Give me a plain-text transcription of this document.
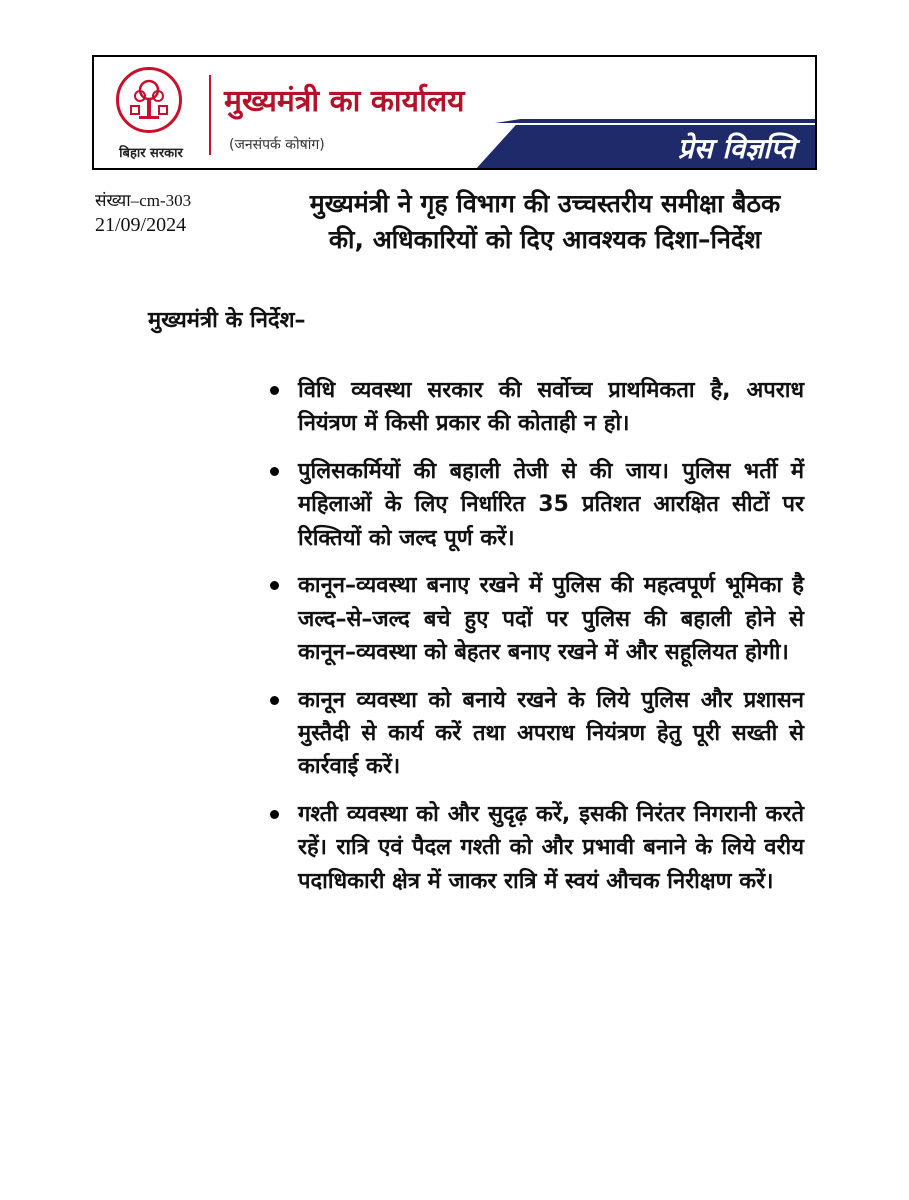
बिहार सरकार
मुख्यमंत्री का कार्यालय
(जनसंपर्क कोषांग)	प्रेस विज्ञप्ति
संख्या–cm-303
21/09/2024
मुख्यमंत्री ने गृह विभाग की उच्चस्तरीय समीक्षा बैठक की, अधिकारियों को दिए आवश्यक दिशा–निर्देश
मुख्यमंत्री के निर्देश–
विधि व्यवस्था सरकार की सर्वोच्च प्राथमिकता है, अपराध नियंत्रण में किसी प्रकार की कोताही न हो।
पुलिसकर्मियों की बहाली तेजी से की जाय। पुलिस भर्ती में महिलाओं के लिए निर्धारित 35 प्रतिशत आरक्षित सीटों पर रिक्तियों को जल्द पूर्ण करें।
कानून–व्यवस्था बनाए रखने में पुलिस की महत्वपूर्ण भूमिका है जल्द–से–जल्द बचे हुए पदों पर पुलिस की बहाली होने से कानून–व्यवस्था को बेहतर बनाए रखने में और सहूलियत होगी।
कानून व्यवस्था को बनाये रखने के लिये पुलिस और प्रशासन मुस्तैदी से कार्य करें तथा अपराध नियंत्रण हेतु पूरी सख्ती से कार्रवाई करें।
गश्ती व्यवस्था को और सुदृढ़ करें, इसकी निरंतर निगरानी करते रहें। रात्रि एवं पैदल गश्ती को और प्रभावी बनाने के लिये वरीय पदाधिकारी क्षेत्र में जाकर रात्रि में स्वयं औचक निरीक्षण करें।
